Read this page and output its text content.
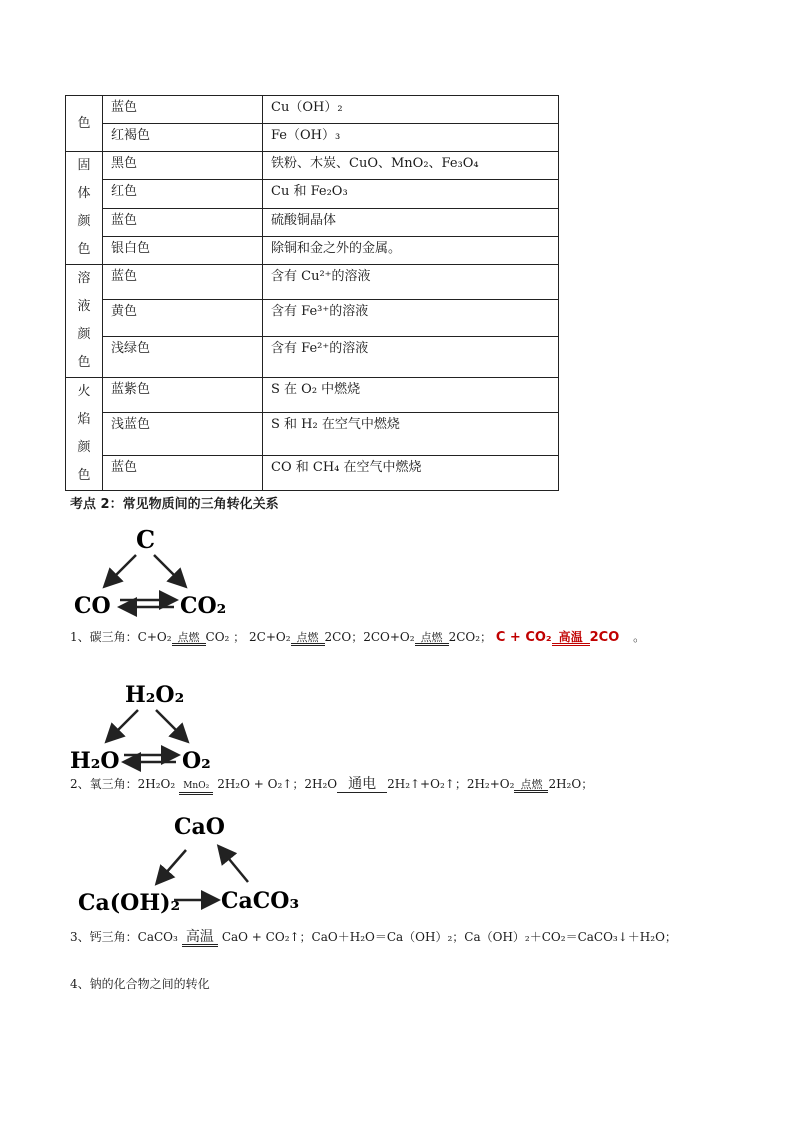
色	蓝色	Cu（OH）₂

	红褐色	Fe（OH）₃

固
体
颜
色	黑色	铁粉、木炭、CuO、MnO₂、Fe₃O₄

	红色	Cu 和 Fe₂O₃

	蓝色	硫酸铜晶体

	银白色	除铜和金之外的金属。

溶
液
颜
色	蓝色	含有 Cu²⁺的溶液

	黄色	含有 Fe³⁺的溶液

	浅绿色	含有 Fe²⁺的溶液

火
焰
颜
色	蓝紫色	S 在 O₂ 中燃烧

	浅蓝色	S 和 H₂ 在空气中燃烧

	蓝色	CO 和 CH₄ 在空气中燃烧
考点 2：常见物质间的三角转化关系
C
CO	CO₂
1、碳三角：C+O₂ 点燃 CO₂ ； 2C+O₂ 点燃 2CO；2CO+O₂ 点燃 2CO₂； C + CO₂ 高温 2CO 。
H₂O₂
H₂O	O₂
2、氧三角：2H₂O₂ MnO₂ 2H₂O + O₂↑；2H₂O 通电 2H₂↑+O₂↑；2H₂+O₂ 点燃 2H₂O；
CaO
Ca(OH)₂ CaCO₃
3、钙三角：CaCO₃ 高温 CaO + CO₂↑；CaO＋H₂O＝Ca（OH）₂；Ca（OH）₂＋CO₂＝CaCO₃↓＋H₂O；
4、钠的化合物之间的转化
